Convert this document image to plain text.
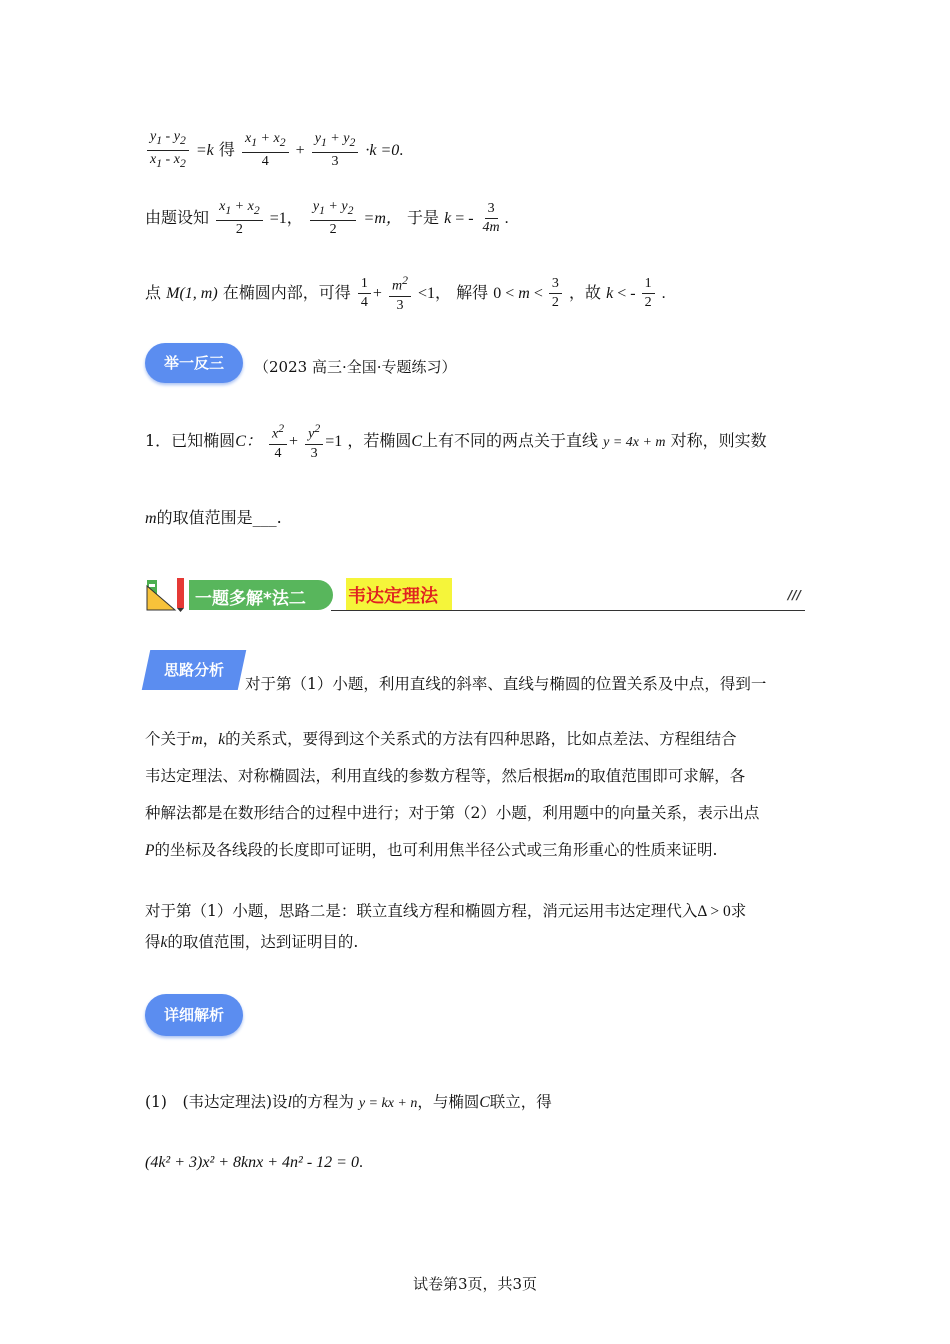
$\frac{y_1 - y_2}{x_1 - x_2} =k$ 得 $\frac{x_1 + x_2}{4} + \frac{y_1 + y_2}{3} \cdot k =0$.
由题设知 $\frac{x_1 + x_2}{2} =1$， $\frac{y_1 + y_2}{2} =m$， 于是 k = - $\frac{3}{4m}$ .
点 M(1, m) 在椭圆内部，可得 $\frac{1}{4} + \frac{m^2}{3} <1$， 解得 $0 < m < \frac{3}{2}$ ，故 k < - $\frac{1}{2}$ .
举一反三	（2023 高三·全国·专题练习）
1．已知椭圆C： $\frac{x^2}{4} + \frac{y^2}{3} =1$ ，若椭圆C上有不同的两点关于直线 y = 4x + m 对称，则实数
m的取值范围是___.
一题多解*法二 韦达定理法	///
思路分析
对于第（1）小题，利用直线的斜率、直线与椭圆的位置关系及中点，得到一
个关于m，k的关系式，要得到这个关系式的方法有四种思路，比如点差法、方程组结合
韦达定理法、对称椭圆法，利用直线的参数方程等，然后根据m的取值范围即可求解，各
种解法都是在数形结合的过程中进行；对于第（2）小题，利用题中的向量关系，表示出点
P的坐标及各线段的长度即可证明，也可利用焦半径公式或三角形重心的性质来证明.
对于第（1）小题，思路二是：联立直线方程和椭圆方程，消元运用韦达定理代入Δ > 0求
得k的取值范围，达到证明目的.
详细解析
(1)　(韦达定理法)设l的方程为 y = kx + n，与椭圆C联立，得
(4k² + 3)x² + 8knx + 4n² - 12 = 0.
试卷第3页，共3页
